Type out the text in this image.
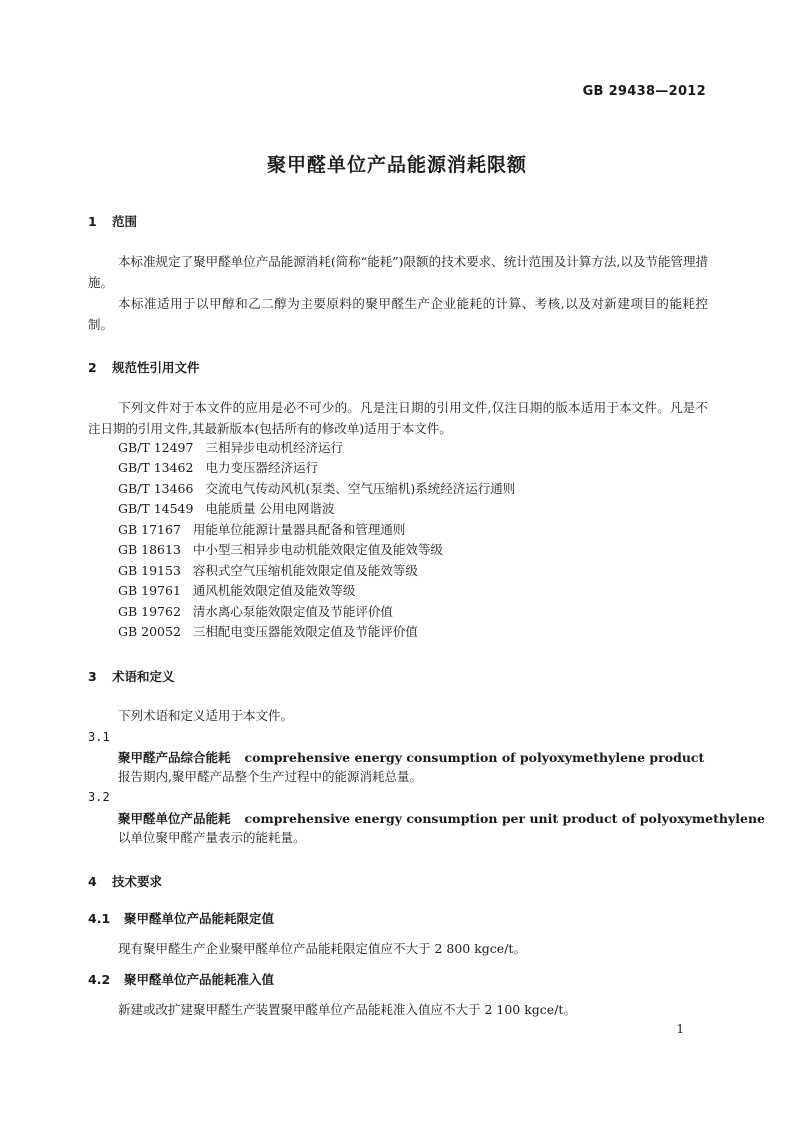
GB 29438—2012
聚甲醛单位产品能源消耗限额
1 范围

本标准规定了聚甲醛单位产品能源消耗(简称“能耗”)限额的技术要求、统计范围及计算方法,以及节能管理措施。

本标准适用于以甲醇和乙二醇为主要原料的聚甲醛生产企业能耗的计算、考核,以及对新建项目的能耗控制。

2 规范性引用文件

下列文件对于本文件的应用是必不可少的。凡是注日期的引用文件,仅注日期的版本适用于本文件。凡是不注日期的引用文件,其最新版本(包括所有的修改单)适用于本文件。

GB/T 12497 三相异步电动机经济运行
GB/T 13462 电力变压器经济运行
GB/T 13466 交流电气传动风机(泵类、空气压缩机)系统经济运行通则
GB/T 14549 电能质量 公用电网谐波
GB 17167 用能单位能源计量器具配备和管理通则
GB 18613 中小型三相异步电动机能效限定值及能效等级
GB 19153 容积式空气压缩机能效限定值及能效等级
GB 19761 通风机能效限定值及能效等级
GB 19762 清水离心泵能效限定值及节能评价值
GB 20052 三相配电变压器能效限定值及节能评价值
3 术语和定义
下列术语和定义适用于本文件。
3.1
聚甲醛产品综合能耗 comprehensive energy consumption of polyoxymethylene product
报告期内,聚甲醛产品整个生产过程中的能源消耗总量。
3.2
聚甲醛单位产品能耗 comprehensive energy consumption per unit product of polyoxymethylene
以单位聚甲醛产量表示的能耗量。
4 技术要求
4.1 聚甲醛单位产品能耗限定值
现有聚甲醛生产企业聚甲醛单位产品能耗限定值应不大于 2 800 kgce/t。
4.2 聚甲醛单位产品能耗准入值
新建或改扩建聚甲醛生产装置聚甲醛单位产品能耗准入值应不大于 2 100 kgce/t。
1
